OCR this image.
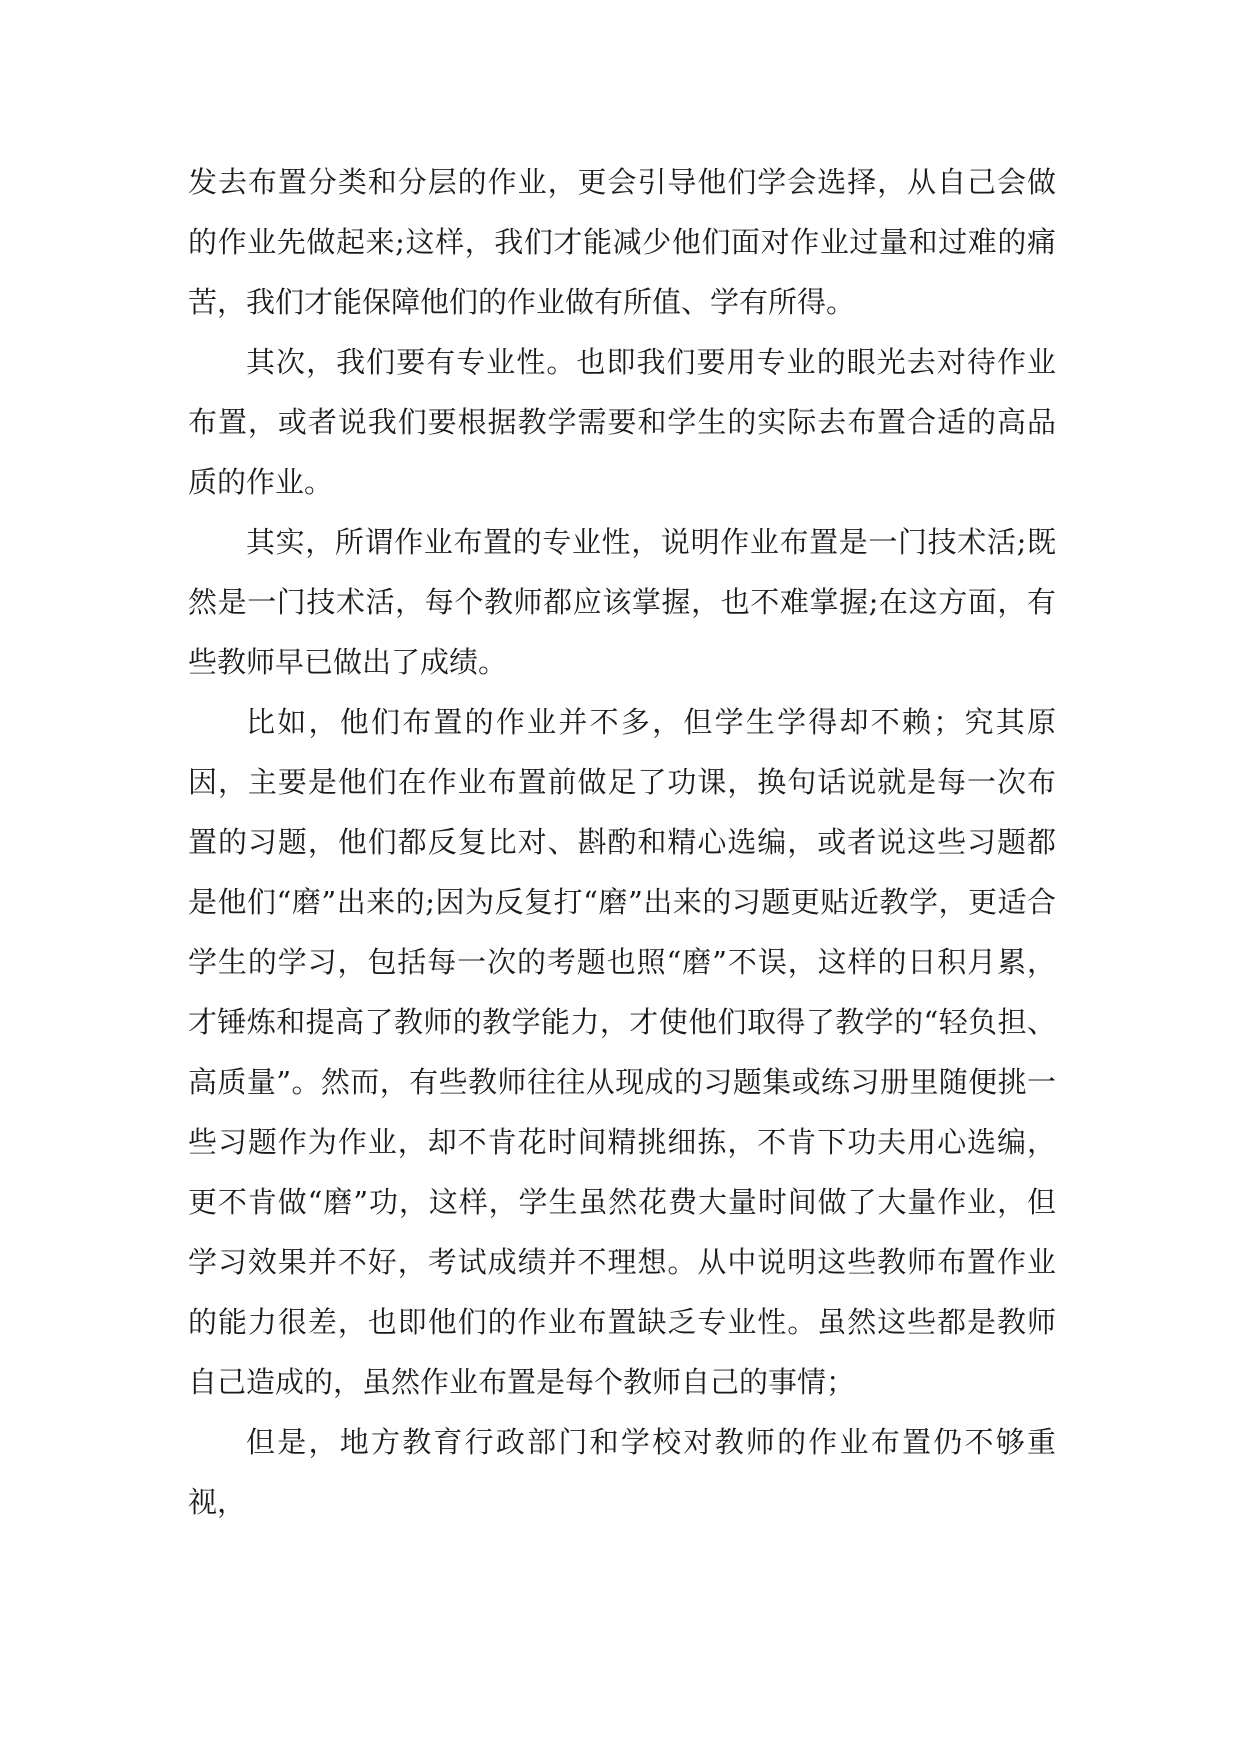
发去布置分类和分层的作业，更会引导他们学会选择，从自己会做的作业先做起来;这样，我们才能减少他们面对作业过量和过难的痛苦，我们才能保障他们的作业做有所值、学有所得。

其次，我们要有专业性。也即我们要用专业的眼光去对待作业布置，或者说我们要根据教学需要和学生的实际去布置合适的高品质的作业。

其实，所谓作业布置的专业性，说明作业布置是一门技术活;既然是一门技术活，每个教师都应该掌握，也不难掌握;在这方面，有些教师早已做出了成绩。

比如，他们布置的作业并不多，但学生学得却不赖；究其原因，主要是他们在作业布置前做足了功课，换句话说就是每一次布置的习题，他们都反复比对、斟酌和精心选编，或者说这些习题都是他们“磨”出来的;因为反复打“磨”出来的习题更贴近教学，更适合学生的学习，包括每一次的考题也照“磨”不误，这样的日积月累，才锤炼和提高了教师的教学能力，才使他们取得了教学的“轻负担、高质量”。然而，有些教师往往从现成的习题集或练习册里随便挑一些习题作为作业，却不肯花时间精挑细拣，不肯下功夫用心选编，更不肯做“磨”功，这样，学生虽然花费大量时间做了大量作业，但学习效果并不好，考试成绩并不理想。从中说明这些教师布置作业的能力很差，也即他们的作业布置缺乏专业性。虽然这些都是教师自己造成的，虽然作业布置是每个教师自己的事情；

但是，地方教育行政部门和学校对教师的作业布置仍不够重视，
